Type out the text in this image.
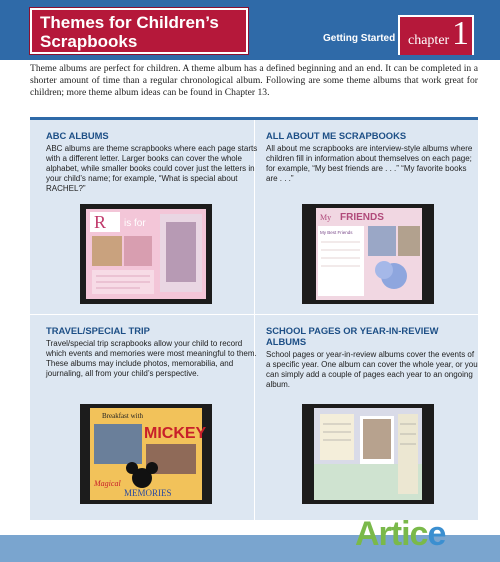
Themes for Children’s
Scrapbooks	Getting Started chapter 1
Theme albums are perfect for children. A theme album has a defined beginning and an end. It can be completed in a shorter amount of time than a regular chronological album. Following are some theme albums that work great for children; more theme album ideas can be found in Chapter 13.
ABC ALBUMS

ABC albums are theme scrapbooks where each page starts with a different letter. Larger books can cover the whole alphabet, while smaller books could cover just the letters in your child’s name; for example, “What is special about RACHEL?”

R is for
ALL ABOUT ME SCRAPBOOKS

All about me scrapbooks are interview-style albums where children fill in information about themselves on each page; for example, “My best friends are . . .” “My favorite books are . . .”

My FRIENDS
My Best Friends
TRAVEL/SPECIAL TRIP

Travel/special trip scrapbooks allow your child to record which events and memories were most meaningful to them. These albums may include photos, memorabilia, and journaling, all from your child’s perspective.

Breakfast with
MICKEY
Magical
MEMORIES
SCHOOL PAGES OR YEAR-IN-REVIEW ALBUMS

School pages or year-in-review albums cover the events of a specific year. One album can cover the whole year, or you can simply add a couple of pages each year to an ongoing album.

Artice
